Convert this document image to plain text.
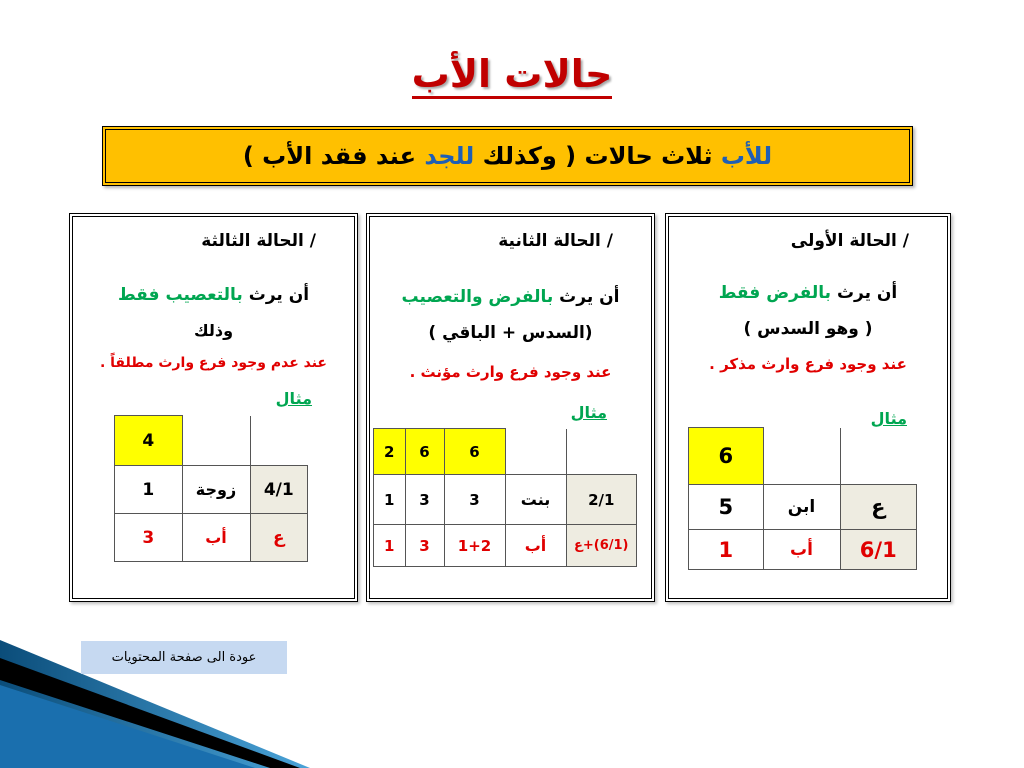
حالات الأب
للأب ثلاث حالات ( وكذلك للجد عند فقد الأب )
/ الحالة الأولى
أن يرث بالفرض فقط
( وهو السدس )
عند وجود فرع وارث مذكر .
مثال
		6
ع	ابن	5
6/1	أب	1
/ الحالة الثانية
أن يرث بالفرض والتعصيب
(السدس + الباقي )
عند وجود فرع وارث مؤنث .
مثال
		6	6	2
2/1	بنت	3	3	1
(6/1)+ع	أب	1+2	3	1
/ الحالة الثالثة
أن يرث بالتعصيب فقط
وذلك
عند عدم وجود فرع وارث مطلقاً .
مثال
		4
4/1	زوجة	1
ع	أب	3
عودة الى صفحة المحتويات
